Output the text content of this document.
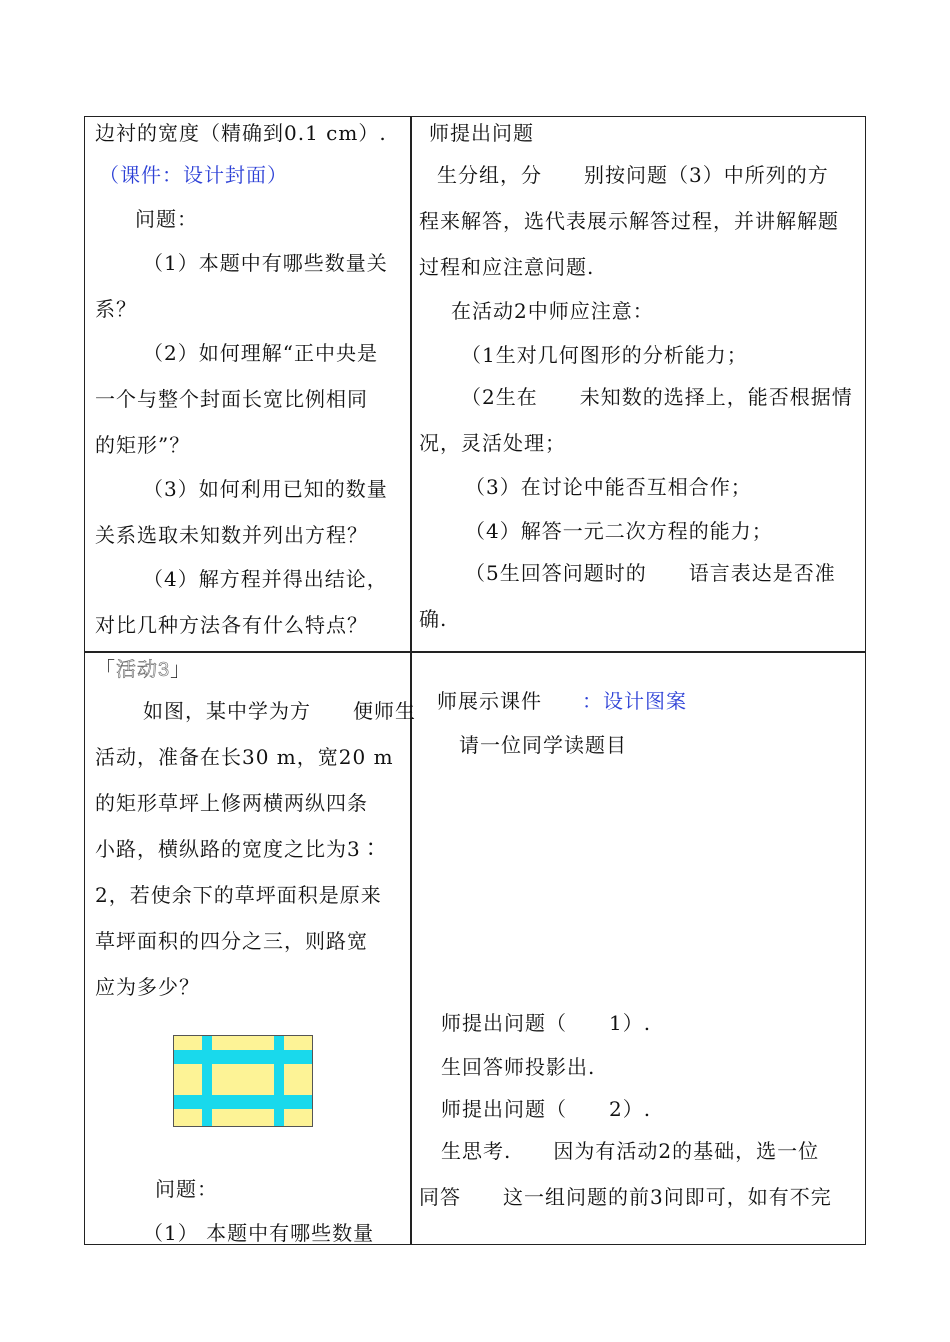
边衬的宽度（精确到0.1 cm）.
（课件：设计封面）
问题：
（1）本题中有哪些数量关
系？
（2）如何理解“正中央是
一个与整个封面长宽比例相同
的矩形”？
（3）如何利用已知的数量
关系选取未知数并列出方程？
（4）解方程并得出结论，
对比几种方法各有什么特点？
师提出问题
生分组，分　　别按问题（3）中所列的方
程来解答，选代表展示解答过程，并讲解解题
过程和应注意问题.
在活动2中师应注意：
（1生对几何图形的分析能力；
（2生在　　未知数的选择上，能否根据情
况，灵活处理；
（3）在讨论中能否互相合作；
（4）解答一元二次方程的能力；
（5生回答问题时的　　语言表达是否准
确.
「活动3」
如图，某中学为方　　便师生
活动，准备在长30 m，宽20 m
的矩形草坪上修两横两纵四条
小路，横纵路的宽度之比为3∶
2，若使余下的草坪面积是原来
草坪面积的四分之三，则路宽
应为多少？
问题：
（1） 本题中有哪些数量
师展示课件 ：设计图案
请一位同学读题目
师提出问题（　　1）.
生回答师投影出.
师提出问题（　　2）.
生思考.　　因为有活动2的基础，选一位
同答　　这一组问题的前3问即可，如有不完
